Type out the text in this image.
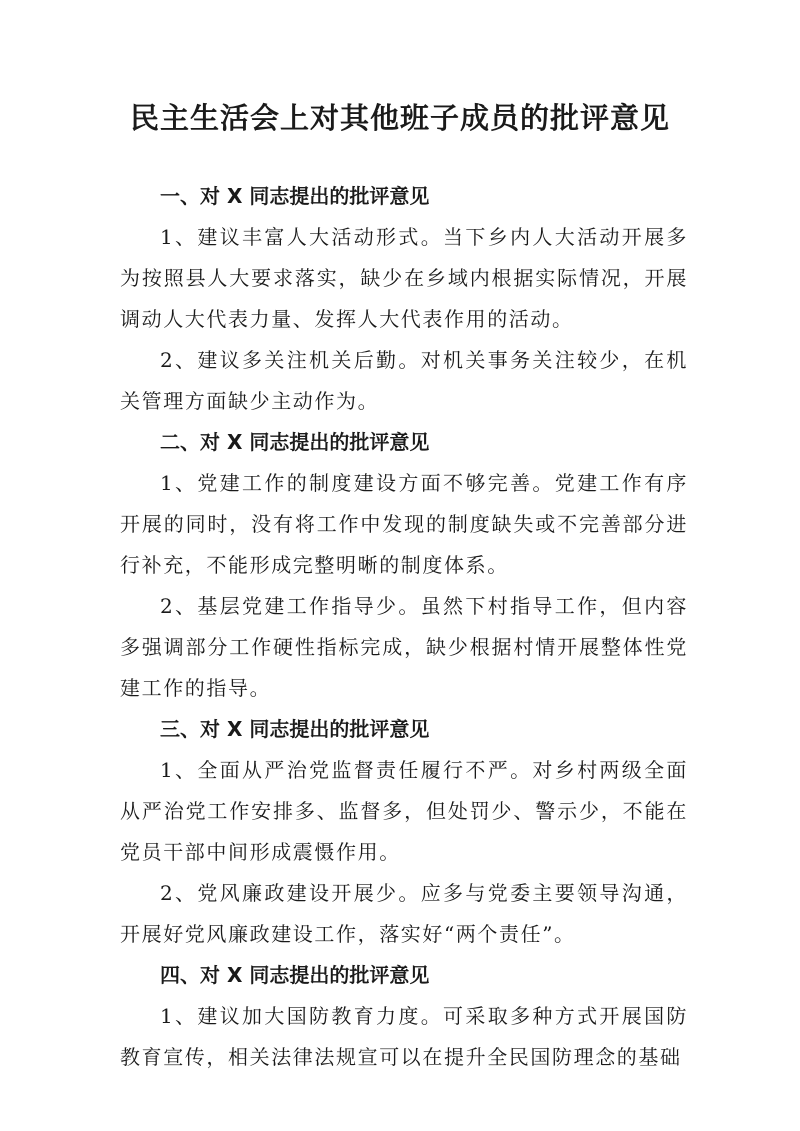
民主生活会上对其他班子成员的批评意见
一、对 X 同志提出的批评意见

1、建议丰富人大活动形式。当下乡内人大活动开展多为按照县人大要求落实，缺少在乡域内根据实际情况，开展调动人大代表力量、发挥人大代表作用的活动。

2、建议多关注机关后勤。对机关事务关注较少，在机关管理方面缺少主动作为。

二、对 X 同志提出的批评意见

1、党建工作的制度建设方面不够完善。党建工作有序开展的同时，没有将工作中发现的制度缺失或不完善部分进行补充，不能形成完整明晰的制度体系。

2、基层党建工作指导少。虽然下村指导工作，但内容多强调部分工作硬性指标完成，缺少根据村情开展整体性党建工作的指导。

三、对 X 同志提出的批评意见

1、全面从严治党监督责任履行不严。对乡村两级全面从严治党工作安排多、监督多，但处罚少、警示少，不能在党员干部中间形成震慑作用。

2、党风廉政建设开展少。应多与党委主要领导沟通，开展好党风廉政建设工作，落实好“两个责任”。

四、对 X 同志提出的批评意见

1、建议加大国防教育力度。可采取多种方式开展国防教育宣传，相关法律法规宣可以在提升全民国防理念的基础
